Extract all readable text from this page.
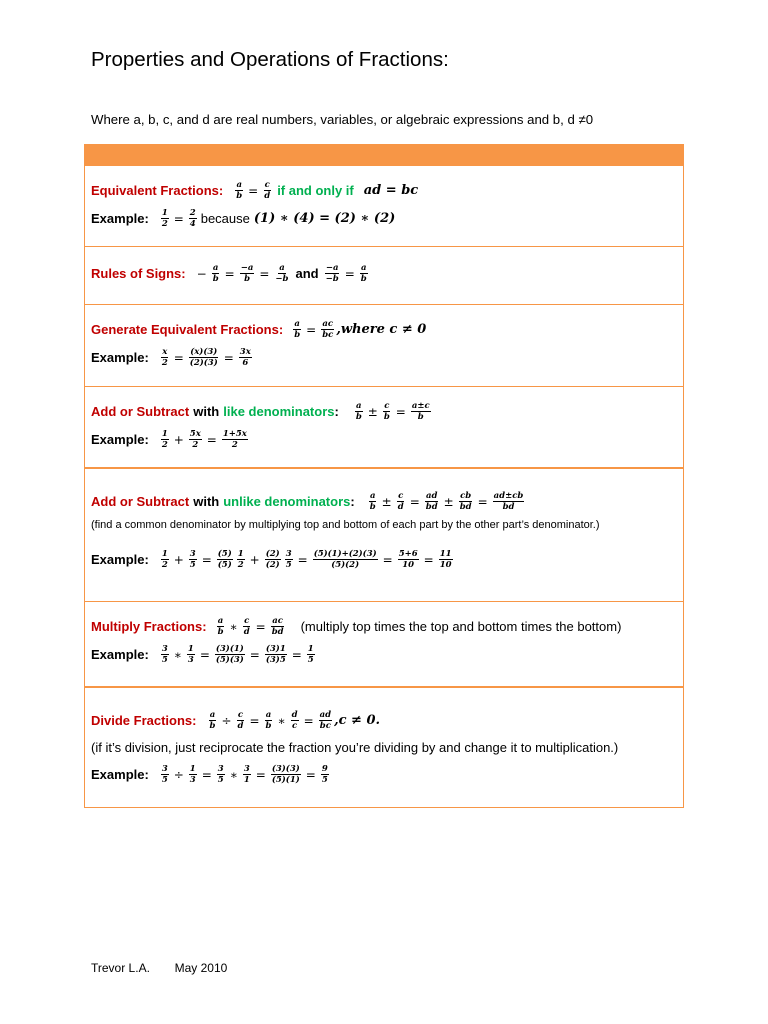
Properties and Operations of Fractions:
Where a, b, c, and d are real numbers, variables, or algebraic expressions and b, d ≠0
Equivalent Fractions : $\frac{a}{b} = \frac{c}{d}$ if and only if ad = bc
Example: $\frac{1}{2} = \frac{2}{4}$ because (1) ∗ (4) = (2) ∗ (2)
Rules of Signs : − $\frac{a}{b} = \frac{-a}{b} = \frac{a}{-b}$ and $\frac{-a}{-b} = \frac{a}{b}$
Generate Equivalent Fractions : $\frac{a}{b} = \frac{ac}{bc}$ ,where c ≠ 0
Example: $\frac{x}{2} = \frac{(x)(3)}{(2)(3)} = \frac{3x}{6}$
Add or Subtract with like denominators : $\frac{a}{b} \pm \frac{c}{b} = \frac{a\pm c}{b}$
Example: $\frac{1}{2} + \frac{5x}{2} = \frac{1+5x}{2}$
Add or Subtract with unlike denominators : $\frac{a}{b} \pm \frac{c}{d} = \frac{ad}{bd} \pm \frac{cb}{bd} = \frac{ad\pm cb}{bd}$
(find a common denominator by multiplying top and bottom of each part by the other part’s denominator.)
Example: $\frac{1}{2} + \frac{3}{5} = \frac{(5)}{(5)} \frac{1}{2} + \frac{(2)}{(2)} \frac{3}{5} = \frac{(5)(1)+(2)(3)}{(5)(2)} = \frac{5+6}{10} = \frac{11}{10}$
Multiply Fractions : $\frac{a}{b}$ ∗ $\frac{c}{d} = \frac{ac}{bd}$ (multiply top times the top and bottom times the bottom)
Example: $\frac{3}{5}$ ∗ $\frac{1}{3} = \frac{(3)(1)}{(5)(3)} = \frac{(3)1}{(3)5} = \frac{1}{5}$
Divide Fractions : $\frac{a}{b} \div \frac{c}{d} = \frac{a}{b}$ ∗ $\frac{d}{c} = \frac{ad}{bc} ,c \ne 0$.
(if it’s division, just reciprocate the fraction you’re dividing by and change it to multiplication.)
Example: $\frac{3}{5} \div \frac{1}{3} = \frac{3}{5}$ ∗ $\frac{3}{1} = \frac{(3)(3)}{(5)(1)} = \frac{9}{5}$
Trevor L.A. May 2010
